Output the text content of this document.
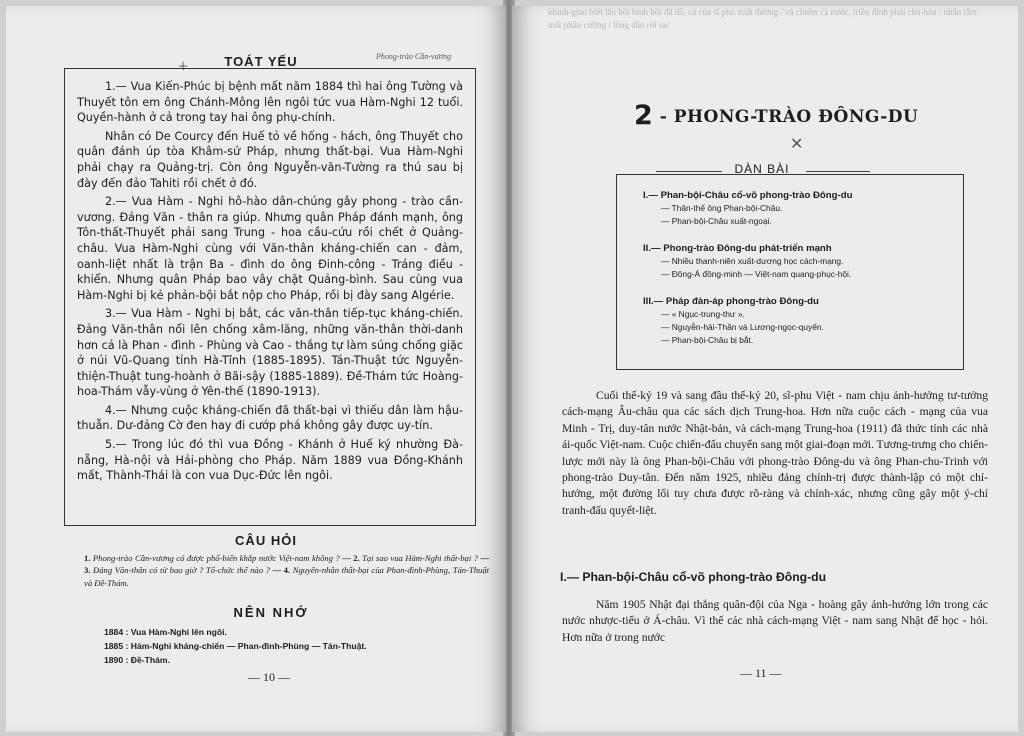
Phong-trào Cần-vương
+	TOÁT YẾU

1.— Vua Kiến-Phúc bị bệnh mất năm 1884 thì hai ông Tường và Thuyết tôn em ông Chánh-Mông lên ngôi tức vua Hàm-Nghi 12 tuổi. Quyền-hành ở cả trong tay hai ông phụ-chính.

Nhân có De Courcy đến Huế tỏ về hống - hách, ông Thuyết cho quân đánh úp tòa Khâm-sứ Pháp, nhưng thất-bại. Vua Hàm-Nghi phải chạy ra Quảng-trị. Còn ông Nguyễn-văn-Tường ra thú sau bị đày đến đảo Tahiti rồi chết ở đó.

2.— Vua Hàm - Nghi hô-hào dân-chúng gây phong - trào cần-vương. Đảng Văn - thân ra giúp. Nhưng quân Pháp đánh mạnh, ông Tôn-thất-Thuyết phải sang Trung - hoa cầu-cứu rồi chết ở Quảng-châu. Vua Hàm-Nghi cùng với Văn-thân kháng-chiến can - đảm, oanh-liệt nhất là trận Ba - đình do ông Đinh-công - Tráng điều - khiển. Nhưng quân Pháp bao vây chặt Quảng-bình. Sau cùng vua Hàm-Nghi bị kẻ phản-bội bắt nộp cho Pháp, rồi bị đày sang Algérie.

3.— Vua Hàm - Nghi bị bắt, các văn-thân tiếp-tục kháng-chiến. Đảng Văn-thân nổi lên chống xâm-lăng, những văn-thân thời-danh hơn cả là Phan - đình - Phùng và Cao - thắng tự làm súng chống giặc ở núi Vũ-Quang tỉnh Hà-Tĩnh (1885-1895). Tán-Thuật tức Nguyễn-thiện-Thuật tung-hoành ở Bãi-sậy (1885-1889). Đề-Thám tức Hoàng-hoa-Thám vẫy-vùng ở Yên-thế (1890-1913).

4.— Nhưng cuộc kháng-chiến đã thất-bại vì thiếu dân làm hậu-thuẫn. Dư-đảng Cờ đen hay đi cướp phá không gây được uy-tín.

5.— Trong lúc đó thì vua Đồng - Khánh ở Huế ký nhường Đà-nẵng, Hà-nội và Hải-phòng cho Pháp. Năm 1889 vua Đồng-Khánh mất, Thành-Thái là con vua Dục-Đức lên ngôi.

CÂU HỎI
1. Phong-trào Cần-vương có được phổ-biến khắp nước Việt-nam không ? — 2. Tại sao vua Hàm-Nghi thất-bại ? — 3. Đảng Văn-thân có từ bao giờ ? Tổ-chức thế nào ? — 4. Nguyên-nhân thất-bại của Phan-đình-Phùng, Tán-Thuật và Đề-Thám.
NÊN NHỚ
1884 : Vua Hàm-Nghi lên ngôi.
1885 : Hàm-Nghi kháng-chiến — Phan-đình-Phùng — Tán-Thuật.
1890 : Đề-Thám.
— 10 —
khinh-giao biết lâu hồi binh hồi đã đỗ, cả của sĩ phú xuất đương / và chiếm cả nước, triều đình phải chủ-hòa / nhân tâm mất phần cường / lòng dân rời rạc
2 - PHONG-TRÀO ĐÔNG-DU
✕
DÀN BÀI
I.— Phan-bội-Châu cổ-võ phong-trào Đông-du
— Thân-thế ông Phan-bội-Châu.
— Phan-bội-Châu xuất-ngoại.
II.— Phong-trào Đông-du phát-triển mạnh
— Nhiều thanh-niên xuất-dương học cách-mạng.
— Đông-Á đồng-minh — Việt-nam quang-phục-hội.
III.— Pháp đàn-áp phong-trào Đông-du
— « Ngục-trung-thư ».
— Nguyễn-hải-Thần và Lương-ngọc-quyến.
— Phan-bội-Châu bị bắt.

Cuối thế-kỷ 19 và sang đầu thế-kỷ 20, sĩ-phu Việt - nam chịu ảnh-hưởng tư-tưởng cách-mạng Âu-châu qua các sách dịch Trung-hoa. Hơn nữa cuộc cách - mạng của vua Minh - Trị, duy-tân nước Nhật-bản, và cách-mạng Trung-hoa (1911) đã thức tỉnh các nhà ái-quốc Việt-nam. Cuộc chiến-đấu chuyển sang một giai-đoạn mới. Tương-trưng cho chiến-lược mới này là ông Phan-bội-Châu với phong-trào Đông-du và ông Phan-chu-Trinh với phong-trào Duy-tân. Đến năm 1925, nhiều đảng chính-trị được thành-lập có một chí-hướng, một đường lối tuy chưa được rõ-ràng và chính-xác, nhưng cũng gây một ý-chí tranh-đấu quyết-liệt.

I.— Phan-bội-Châu cổ-võ phong-trào Đông-du

Năm 1905 Nhật đại thắng quân-đội của Nga - hoàng gây ảnh-hưởng lớn trong các nước nhược-tiểu ở Á-châu. Vì thế các nhà cách-mạng Việt - nam sang Nhật để học - hỏi. Hơn nữa ở trong nước

— 11 —
